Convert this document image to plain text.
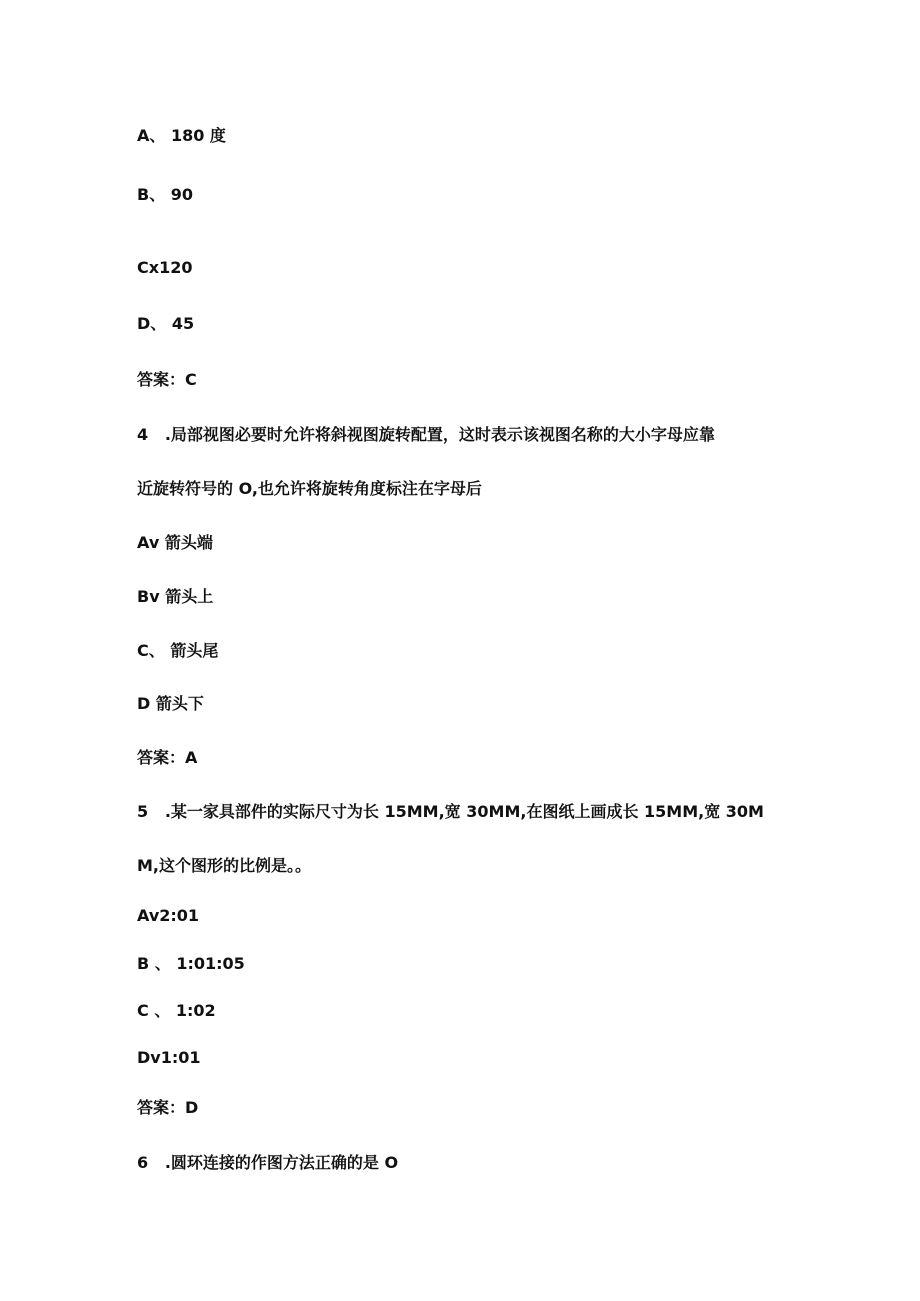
A、 180 度
B、 90
Cx120
D、 45
答案：C
4   .局部视图必要时允许将斜视图旋转配置，这时表示该视图名称的大小字母应靠
近旋转符号的 O,也允许将旋转角度标注在字母后
Av 箭头端
Bv 箭头上
C、 箭头尾
D 箭头下
答案：A
5   .某一家具部件的实际尺寸为长 15MM,宽 30MM,在图纸上画成长 15MM,宽 30M
M,这个图形的比例是。。
Av2:01
B 、 1:01:05
C 、 1:02
Dv1:01
答案：D
6   .圆环连接的作图方法正确的是 O
